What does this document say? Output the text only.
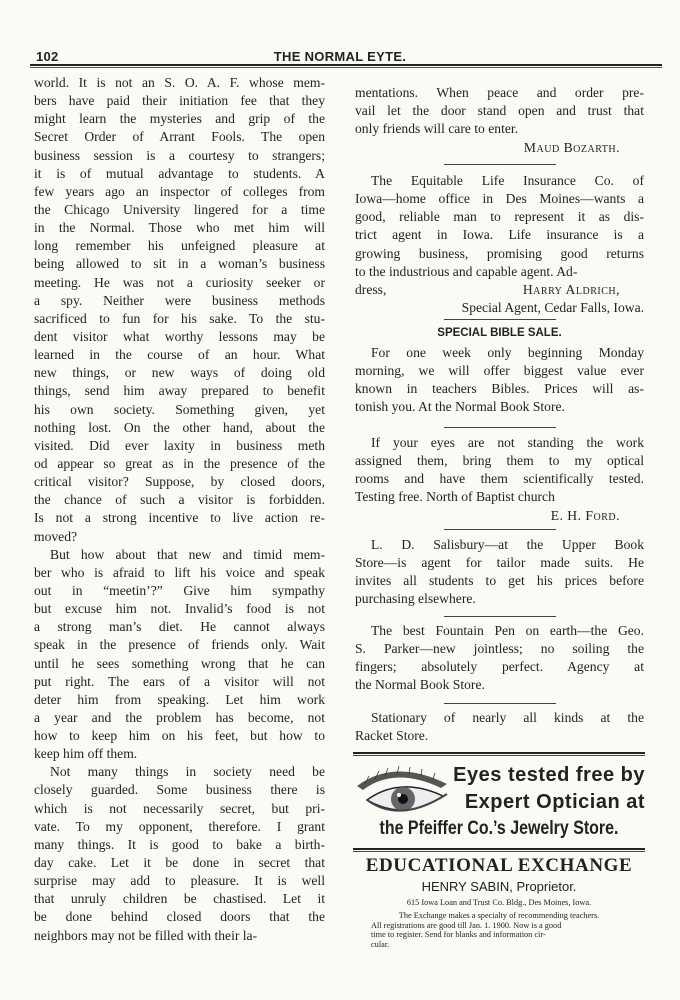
102	THE NORMAL EYTE.
world. It is not an S. O. A. F. whose mem-
bers have paid their initiation fee that they
might learn the mysteries and grip of the
Secret Order of Arrant Fools. The open
business session is a courtesy to strangers;
it is of mutual advantage to students. A
few years ago an inspector of colleges from
the Chicago University lingered for a time
in the Normal. Those who met him will
long remember his unfeigned pleasure at
being allowed to sit in a woman’s business
meeting. He was not a curiosity seeker or
a spy. Neither were business methods
sacrificed to fun for his sake. To the stu-
dent visitor what worthy lessons may be
learned in the course of an hour. What
new things, or new ways of doing old
things, send him away prepared to benefit
his own society. Something given, yet
nothing lost. On the other hand, about the
visited. Did ever laxity in business meth
od appear so great as in the presence of the
critical visitor? Suppose, by closed doors,
the chance of such a visitor is forbidden.
Is not a strong incentive to live action re-
moved?
But how about that new and timid mem-
ber who is afraid to lift his voice and speak
out in “meetin’?” Give him sympathy
but excuse him not. Invalid’s food is not
a strong man’s diet. He cannot always
speak in the presence of friends only. Wait
until he sees something wrong that he can
put right. The ears of a visitor will not
deter him from speaking. Let him work
a year and the problem has become, not
how to keep him on his feet, but how to
keep him off them.
Not many things in society need be
closely guarded. Some business there is
which is not necessarily secret, but pri-
vate. To my opponent, therefore. I grant
many things. It is good to bake a birth-
day cake. Let it be done in secret that
surprise may add to pleasure. It is well
that unruly children be chastised. Let it
be done behind closed doors that the
neighbors may not be filled with their la-
mentations. When peace and order pre-
vail let the door stand open and trust that
only friends will care to enter.
Maud Bozarth.
The Equitable Life Insurance Co. of
Iowa—home office in Des Moines—wants a
good, reliable man to represent it as dis-
trict agent in Iowa. Life insurance is a
growing business, promising good returns
to the industrious and capable agent. Ad-
dress,	Harry Aldrich,
Special Agent, Cedar Falls, Iowa.
SPECIAL BIBLE SALE.
For one week only beginning Monday
morning, we will offer biggest value ever
known in teachers Bibles. Prices will as-
tonish you. At the Normal Book Store.
If your eyes are not standing the work
assigned them, bring them to my optical
rooms and have them scientifically tested.
Testing free. North of Baptist church
E. H. Ford.
L. D. Salisbury—at the Upper Book
Store—is agent for tailor made suits. He
invites all students to get his prices before
purchasing elsewhere.
The best Fountain Pen on earth—the Geo.
S. Parker—new jointless; no soiling the
fingers; absolutely perfect. Agency at
the Normal Book Store.
Stationary of nearly all kinds at the
Racket Store.
Eyes tested free by
Expert Optician at
the Pfeiffer Co.’s Jewelry Store.
EDUCATIONAL EXCHANGE
HENRY SABIN, Proprietor.
615 Iowa Loan and Trust Co. Bldg., Des Moines, Iowa.
The Exchange makes a specialty of recommending teachers.
All registrations are good till Jan. 1. 1900. Now is a good
time to register. Send for blanks and information cir-
cular.
